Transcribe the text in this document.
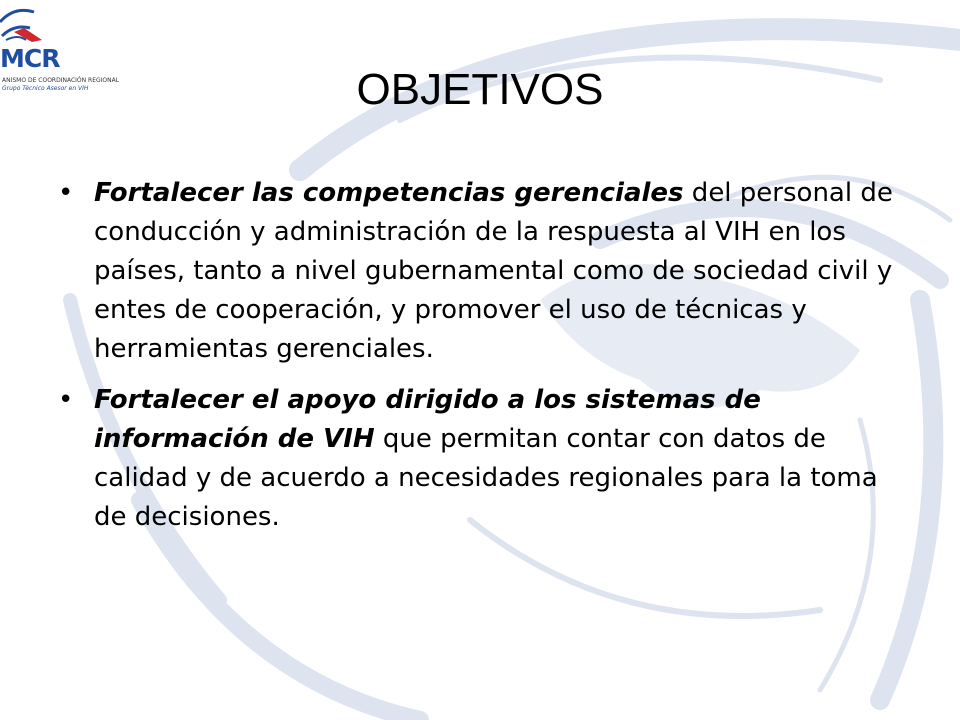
MCR

ANISMO DE COORDINACIÓN REGIONAL
Grupo Técnico Asesor en VIH	OBJETIVOS
• Fortalecer las competencias gerenciales del personal de conducción y administración de la respuesta al VIH en los países, tanto a nivel gubernamental como de sociedad civil y entes de cooperación, y promover el uso de técnicas y herramientas gerenciales.
• Fortalecer el apoyo dirigido a los sistemas de información de VIH que permitan contar con datos de calidad y de acuerdo a necesidades regionales para la toma de decisiones.
